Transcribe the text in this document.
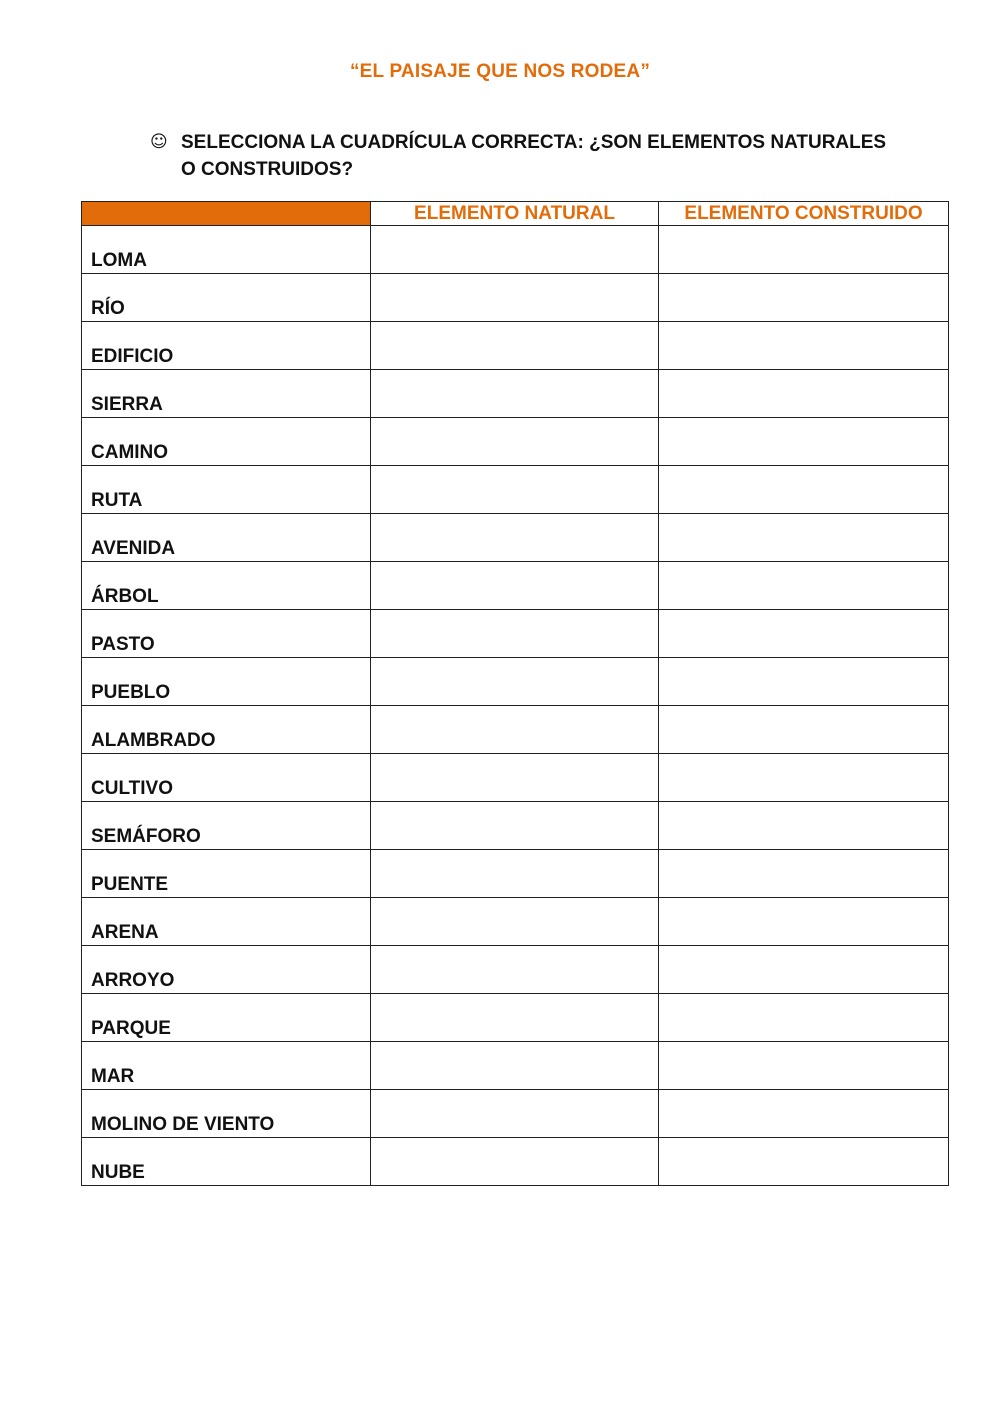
“EL PAISAJE QUE NOS RODEA”
☺ SELECCIONA LA CUADRÍCULA CORRECTA: ¿SON ELEMENTOS NATURALES
O CONSTRUIDOS?
	ELEMENTO NATURAL	ELEMENTO CONSTRUIDO
LOMA		
RÍO		
EDIFICIO		
SIERRA		
CAMINO		
RUTA		
AVENIDA		
ÁRBOL		
PASTO		
PUEBLO		
ALAMBRADO		
CULTIVO		
SEMÁFORO		
PUENTE		
ARENA		
ARROYO		
PARQUE		
MAR		
MOLINO DE VIENTO		
NUBE		
